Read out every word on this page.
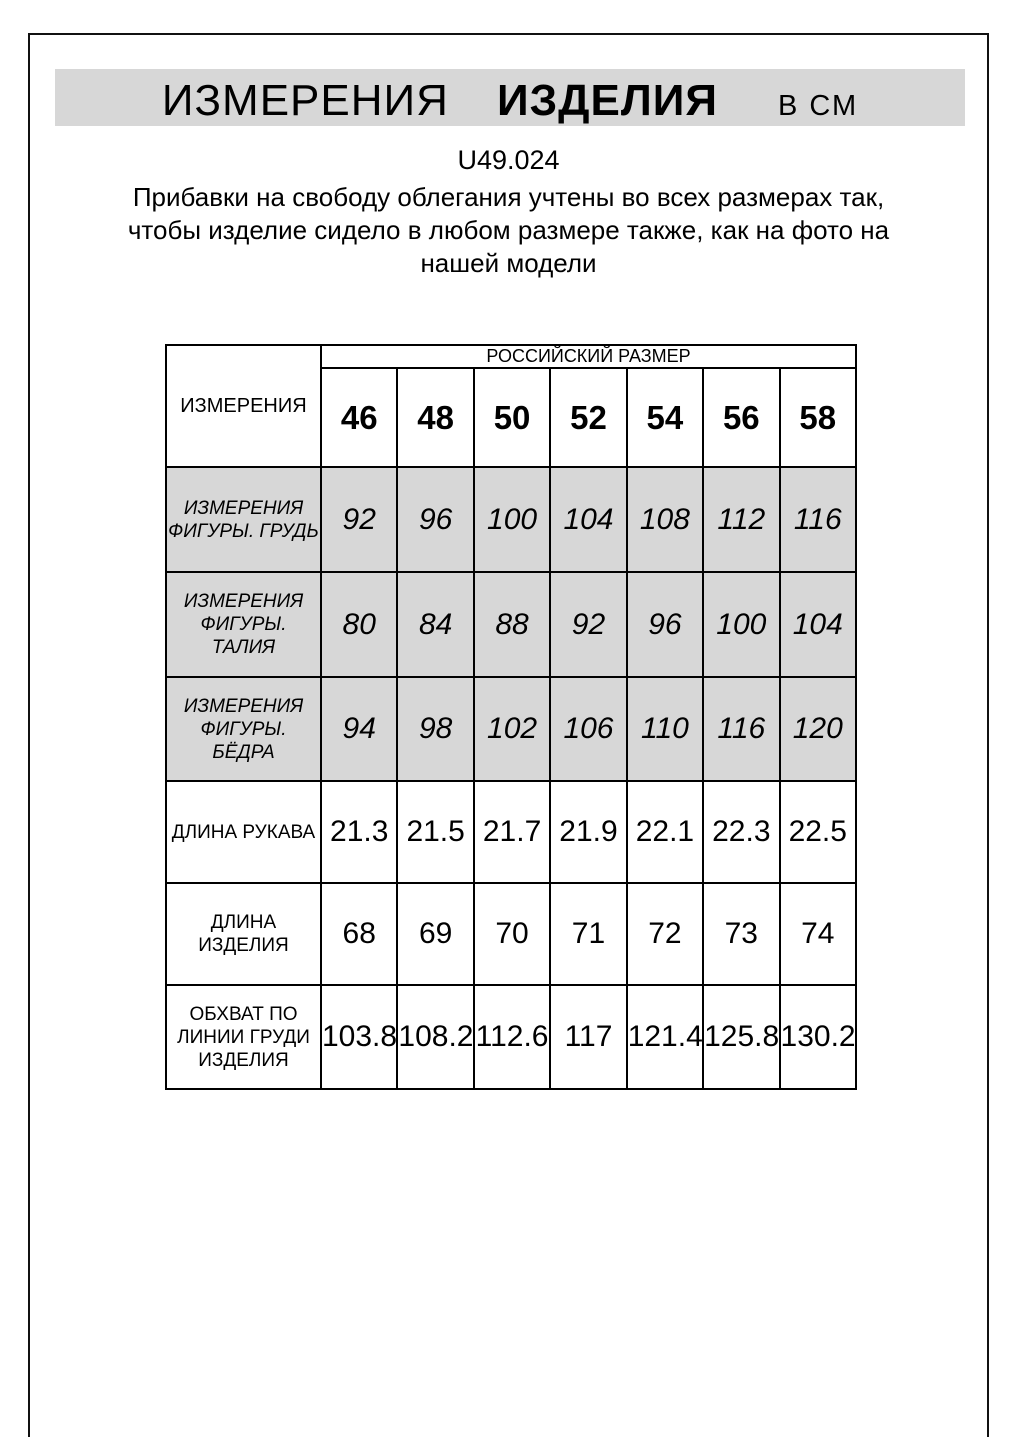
ИЗМЕРЕНИЯ ИЗДЕЛИЯ В СМ
U49.024
Прибавки на свободу облегания учтены во всех размерах так,
чтобы изделие сидело в любом размере также, как на фото на
нашей модели
ИЗМЕРЕНИЯ	РОССИЙСКИЙ РАЗМЕР						
	46	48	50	52	54	56	58

ИЗМЕРЕНИЯ
ФИГУРЫ. ГРУДЬ	92	96	100	104	108	112	116

ИЗМЕРЕНИЯ
ФИГУРЫ. ТАЛИЯ	80	84	88	92	96	100	104

ИЗМЕРЕНИЯ
ФИГУРЫ. БЁДРА	94	98	102	106	110	116	120

ДЛИНА РУКАВА	21.3	21.5	21.7	21.9	22.1	22.3	22.5

ДЛИНА ИЗДЕЛИЯ	68	69	70	71	72	73	74

ОБХВАТ ПО
ЛИНИИ ГРУДИ
ИЗДЕЛИЯ	103.8	108.2	112.6	117	121.4	125.8	130.2
